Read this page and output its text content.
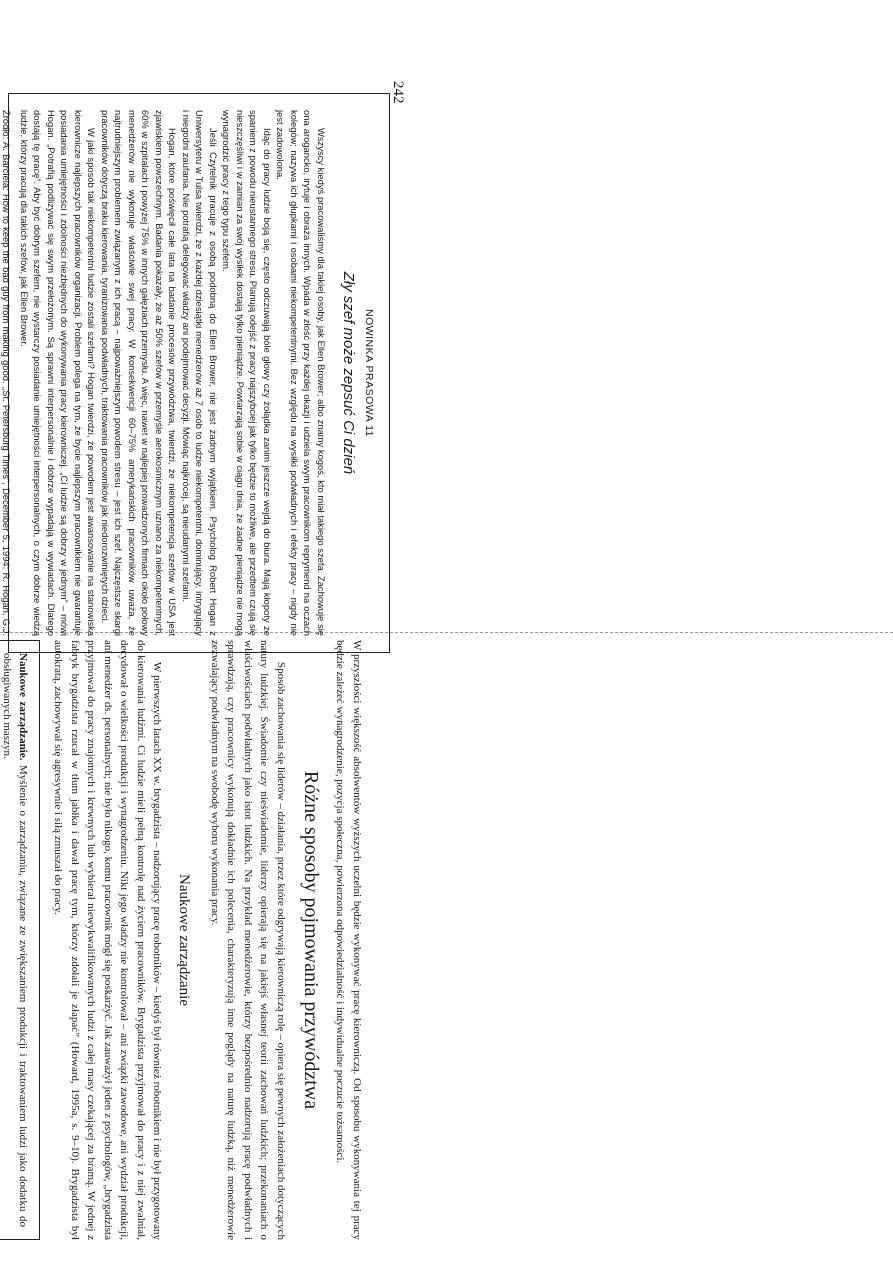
242
NOWINKA PRASOWA 11
Zły szef może zepsuć Ci dzień

Wszyscy kiedyś pracowaliśmy dla takiej osoby, jak Ellen Brower; albo znamy kogoś, kto miał takiego szefa. Zachowuje się ona arogancko, irytuje i obraża innych. Wpada w złość przy każdej okazji i udziela swym pracownikom reprymend na oczach kolegów; nazywa ich głupkami i osobami niekompetentnymi. Bez względu na wysiłki podwładnych i efekty pracy – nigdy nie jest zadowolona.

Idąc do pracy ludzie boją się, często odczuwają bóle głowy czy żołądka zanim jeszcze wejdą do biura. Mają kłopoty ze spaniem z powodu nieustannego stresu. Planują odejść z pracy najszybciej jak tylko będzie to możliwe, ale przedtem czują się nieszczęśliwi i w zamian za swój wysiłek dostają tylko pieniądze. Powtarzają sobie w ciągu dnia, że żadne pieniądze nie mogą wynagrodzić pracy z tego typu szefem.

Jeśli Czytelnik pracuje z osobą podobną do Ellen Brower, nie jest żadnym wyjątkiem. Psycholog Robert Hogan z Uniwersytetu w Tulsa twierdzi, że z każdej dziesiątki menedżerów aż 7 osób to ludzie niekompetentni, dominujący, intrygujący i niegodni zaufania. Nie potrafią delegować władzy ani podejmować decyzji. Mówiąc najkrócej, są nieudanymi szefami.

Hogan, które poświęcił całe lata na badanie procesów przywództwa, twierdzi, że niekompetencja szefów w USA jest zjawiskiem powszechnym. Badania pokazały, że aż 50% szefów w przemyśle aerokosmicznym uznano za niekompetentnych, 60% w szpitalach i powyżej 75% w innych gałęziach przemysłu. A więc, nawet w najlepiej prowadzonych firmach około połowy menedżerów nie wykonuje właściwie swej pracy. W konsekwencji 60–75% amerykańskich pracowników uważa, że najtrudniejszym problemem związanym z ich pracą – najpoważniejszym powodem stresu – jest ich szef. Najczęstsze skargi pracowników dotyczą braku kierowania, tyranizowania podwładnych, traktowania pracowników jak niedorozwiniętych dzieci.

W jaki sposób tak niekompetentni ludzie zostali szefami? Hogan twierdzi, że powodem jest awansowanie na stanowiska kierownicze najlepszych pracowników organizacji. Problem polega na tym, że bycie najlepszym pracownikiem nie gwarantuje posiadania umiejętności i zdolności niezbędnych do wykonywania pracy kierowniczej. „Ci ludzie są dobrzy w jednym” – mówi Hogan. „Potrafią podlizywać się swym przełożonym. Są sprawni interpersonalnie i dobrze wypadają w wywiadach. Dlatego dostają tę pracę”. Aby być dobrym szefem, nie wystarczy posiadanie umiejętności interpersonalnych, o czym dobrze wiedzą ludzie, którzy pracują dla takich szefów, jak Ellen Brower.

Źródło: A. Barciela: How to keep the bad guy from making good. „St. Petersburg Times”, December 5, 1994; R. Hogan, G.J.

W przyszłości większość absolwentów wyższych uczelni będzie wykonywać pracę kierowniczą. Od sposobu wykonywania tej pracy będzie zależeć wynagrodzenie, pozycja społeczna, powierzona odpowiedzialność i indywidualne poczucie tożsamości.

Różne sposoby pojmowania przywództwa

Sposób zachowania się liderów – działania, przez które odgrywają kierowniczą rolę – opiera się pewnych założeniach dotyczących natury ludzkiej. Świadomie czy nieświadomie, liderzy opierają się na jakiejś własnej teorii zachowań ludzkich; przekonaniach o właściwościach podwładnych jako istot ludzkich. Na przykład menedżerowie, którzy bezpośrednio nadzorują pracę podwładnych i sprawdzają, czy pracownicy wykonują dokładnie ich polecenia, charakteryzują inne poglądy na naturę ludzką, niż menedżerowie zezwalający podwładnym na swobodę wyboru wykonania pracy.

Naukowe zarządzanie

W pierwszych latach XX w. brygadzista – nadzorujący pracę robotników – kiedyś był również robotnikiem i nie był przygotowany do kierowania ludźmi. Ci ludzie mieli pełną kontrolę nad życiem pracowników. Brygadzista przyjmował do pracy i z niej zwalniał, decydował o wielkości produkcji i wynagrodzeniu. Nikt jego władzy nie kontrolował – ani związki zawodowe, ani wydział produkcji, ani menedżer ds. personalnych; nie było nikogo, komu pracownik mógł się poskarżyć. Jak zauważył jeden z psychologów, „brygadzista przyjmował do pracy znajomych i krewnych lub wybierał niewykwalifikowanych ludzi z całej masy czekającej za bramą. W jednej z fabryk brygadzista rzucał w tłum jabłka i dawał pracę tym, którzy zdołali je złapać” (Howard, 1995a, s. 9–10). Brygadzista był autokratą, zachowywał się agresywnie i siłą zmuszał do pracy.

Naukowe zarządzanie. Myślenie o zarządzaniu, związane ze zwiększaniem produkcji i traktowaniem ludzi jako dodatku do obsługiwanych maszyn.
